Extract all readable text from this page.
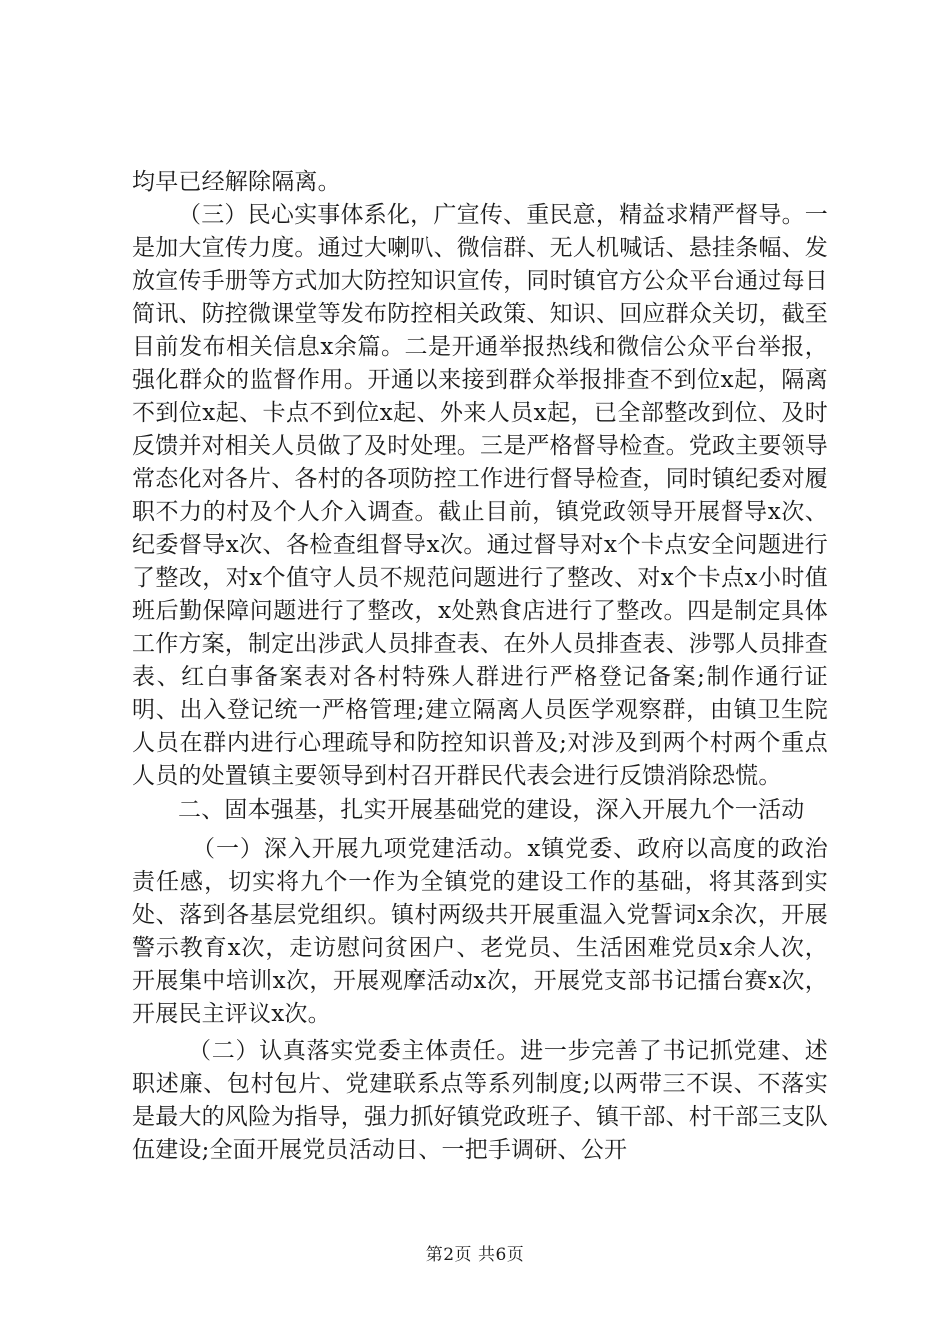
均早已经解除隔离。

（三）民心实事体系化，广宣传、重民意，精益求精严督导。一是加大宣传力度。通过大喇叭、微信群、无人机喊话、悬挂条幅、发放宣传手册等方式加大防控知识宣传，同时镇官方公众平台通过每日简讯、防控微课堂等发布防控相关政策、知识、回应群众关切，截至目前发布相关信息x余篇。二是开通举报热线和微信公众平台举报，强化群众的监督作用。开通以来接到群众举报排查不到位x起，隔离不到位x起、卡点不到位x起、外来人员x起，已全部整改到位、及时反馈并对相关人员做了及时处理。三是严格督导检查。党政主要领导常态化对各片、各村的各项防控工作进行督导检查，同时镇纪委对履职不力的村及个人介入调查。截止目前，镇党政领导开展督导x次、纪委督导x次、各检查组督导x次。通过督导对x个卡点安全问题进行了整改，对x个值守人员不规范问题进行了整改、对x个卡点x小时值班后勤保障问题进行了整改，x处熟食店进行了整改。四是制定具体工作方案，制定出涉武人员排查表、在外人员排查表、涉鄂人员排查表、红白事备案表对各村特殊人群进行严格登记备案;制作通行证明、出入登记统一严格管理;建立隔离人员医学观察群，由镇卫生院人员在群内进行心理疏导和防控知识普及;对涉及到两个村两个重点人员的处置镇主要领导到村召开群民代表会进行反馈消除恐慌。

二、固本强基，扎实开展基础党的建设，深入开展九个一活动

（一）深入开展九项党建活动。x镇党委、政府以高度的政治责任感，切实将九个一作为全镇党的建设工作的基础，将其落到实处、落到各基层党组织。镇村两级共开展重温入党誓词x余次，开展警示教育x次，走访慰问贫困户、老党员、生活困难党员x余人次，开展集中培训x次，开展观摩活动x次，开展党支部书记擂台赛x次，开展民主评议x次。

（二）认真落实党委主体责任。进一步完善了书记抓党建、述职述廉、包村包片、党建联系点等系列制度;以两带三不误、不落实是最大的风险为指导，强力抓好镇党政班子、镇干部、村干部三支队伍建设;全面开展党员活动日、一把手调研、公开

第2页 共6页
